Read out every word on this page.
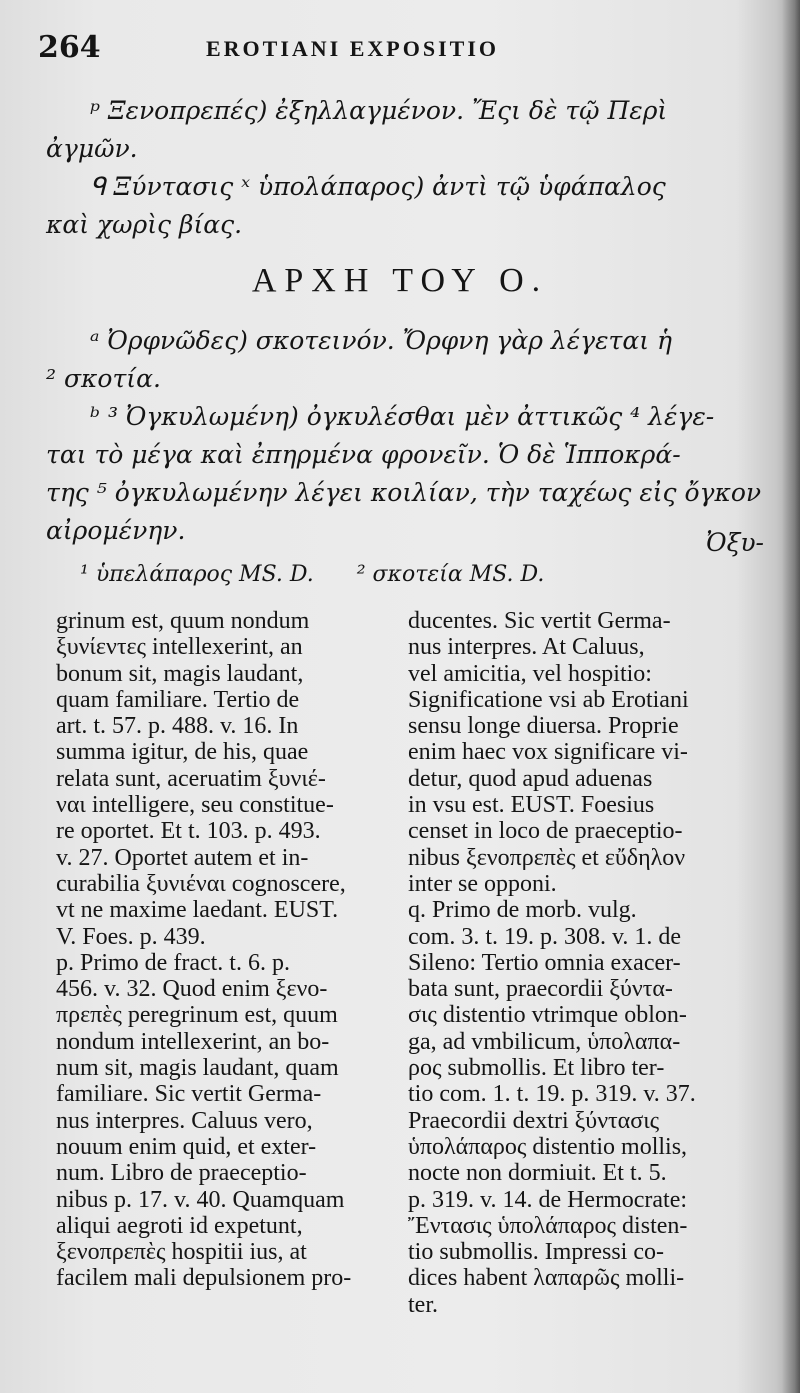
264	EROTIANI EXPOSITIO
ᵖ Ξενοπρεπές) ἐξηλλαγμένον. Ἔςι δὲ τῷ Περὶ
ἀγμῶν.
ᑫ Ξύντασις ˣ ὑπολάπαρος) ἀντὶ τῷ ὑφάπαλος
καὶ χωρὶς βίας.
ΑΡΧΗ ΤΟΥ Ο.
ᵃ Ὀρφνῶδες) σκοτεινόν. Ὄρφνη γὰρ λέγεται ἡ
² σκοτία.
ᵇ ³ Ὀγκυλωμένη) ὀγκυλέσθαι μὲν ἀττικῶς ⁴ λέγε-
ται τὸ μέγα καὶ ἐπηρμένα φρονεῖν. Ὁ δὲ Ἱπποκρά-
της ⁵ ὀγκυλωμένην λέγει κοιλίαν, τὴν ταχέως εἰς ὄγκον
αἰρομένην.	Ὀξυ-
¹ ὑπελάπαρος MS. D. ² σκοτεία MS. D.
grinum est, quum nondum
ξυνίεντες intellexerint, an
bonum sit, magis laudant,
quam familiare. Tertio de
art. t. 57. p. 488. v. 16. In
summa igitur, de his, quae
relata sunt, aceruatim ξυνιέ-
ναι intelligere, seu constitue-
re oportet. Et t. 103. p. 493.
v. 27. Oportet autem et in-
curabilia ξυνιέναι cognoscere,
vt ne maxime laedant. EUST.
V. Foes. p. 439.
p. Primo de fract. t. 6. p.
456. v. 32. Quod enim ξενο-
πρεπὲς peregrinum est, quum
nondum intellexerint, an bo-
num sit, magis laudant, quam
familiare. Sic vertit Germa-
nus interpres. Caluus vero,
nouum enim quid, et exter-
num. Libro de praeceptio-
nibus p. 17. v. 40. Quamquam
aliqui aegroti id expetunt,
ξενοπρεπὲς hospitii ius, at
facilem mali depulsionem pro-
ducentes. Sic vertit Germa-
nus interpres. At Caluus,
vel amicitia, vel hospitio:
Significatione vsi ab Erotiani
sensu longe diuersa. Proprie
enim haec vox significare vi-
detur, quod apud aduenas
in vsu est. EUST. Foesius
censet in loco de praeceptio-
nibus ξενοπρεπὲς et εὔδηλον
inter se opponi.
q. Primo de morb. vulg.
com. 3. t. 19. p. 308. v. 1. de
Sileno: Tertio omnia exacer-
bata sunt, praecordii ξύντα-
σις distentio vtrimque oblon-
ga, ad vmbilicum, ὑπολαπα-
ρος submollis. Et libro ter-
tio com. 1. t. 19. p. 319. v. 37.
Praecordii dextri ξύντασις
ὑπολάπαρος distentio mollis,
nocte non dormiuit. Et t. 5.
p. 319. v. 14. de Hermocrate:
Ἔντασις ὑπολάπαρος disten-
tio submollis. Impressi co-
dices habent λαπαρῶς molli-
ter.
